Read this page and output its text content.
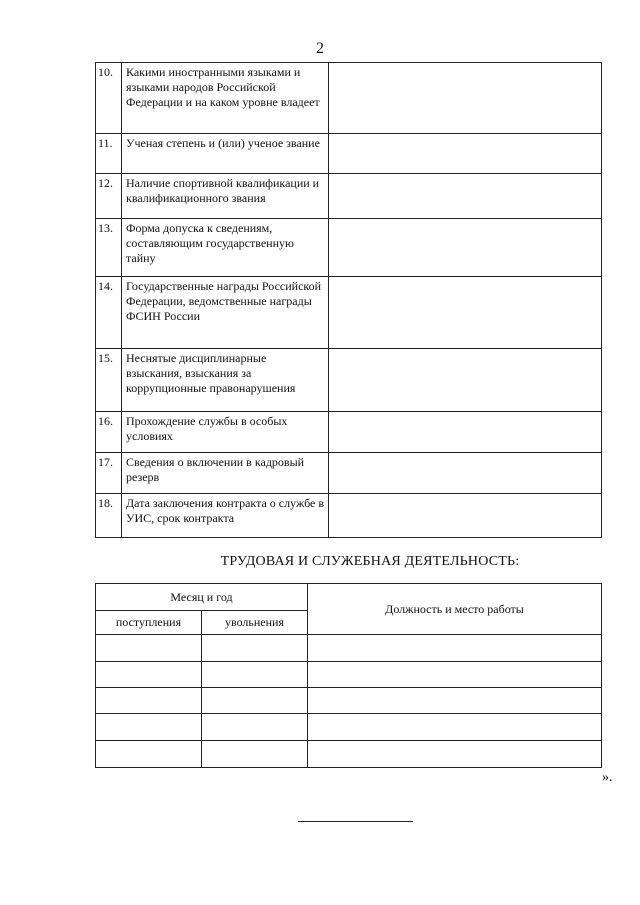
2
10.	Какими иностранными языками и языками народов Российской Федерации и на каком уровне владеет	
11.	Ученая степень и (или) ученое звание	
12.	Наличие спортивной квалификации и квалификационного звания	
13.	Форма допуска к сведениям, составляющим государственную тайну	
14.	Государственные награды Российской Федерации, ведомственные награды ФСИН России	
15.	Неснятые дисциплинарные взыскания, взыскания за коррупционные правонарушения	
16.	Прохождение службы в особых условиях	
17.	Сведения о включении в кадровый резерв	
18.	Дата заключения контракта о службе в УИС, срок контракта	
ТРУДОВАЯ И СЛУЖЕБНАЯ ДЕЯТЕЛЬНОСТЬ:
Месяц и год		Должность и место работы
поступления	увольнения	

».
